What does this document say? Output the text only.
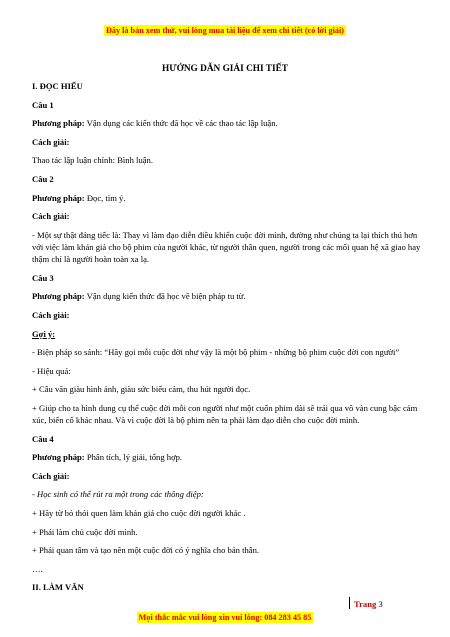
Đây là bản xem thử, vui lòng mua tài liệu để xem chi tiết (có lời giải)
HƯỚNG DẪN GIẢI CHI TIẾT

I. ĐỌC HIỂU

Câu 1

Phương pháp: Vận dụng các kiến thức đã học về các thao tác lập luận.

Cách giải:

Thao tác lập luận chính: Bình luận.

Câu 2

Phương pháp: Đọc, tìm ý.

Cách giải:

- Một sự thật đáng tiếc là: Thay vì làm đạo diễn điều khiển cuộc đời mình, đường như chúng ta lại thích thú hơn với việc làm khán giả cho bộ phim của người khác, từ người thân quen, người trong các mối quan hệ xã giao hay thậm chí là người hoàn toàn xa lạ.

Câu 3

Phương pháp: Vận dụng kiến thức đã học về biện pháp tu từ.

Cách giải:

Gợi ý:

- Biện pháp so sánh: “Hãy gọi mỗi cuộc đời như vậy là một bộ phim - những bộ phim cuộc đời con người”

- Hiệu quả:

+ Câu văn giàu hình ảnh, giàu sức biểu cảm, thu hút người đọc.

+ Giúp cho ta hình dung cụ thể cuộc đời mỗi con người như một cuốn phim dài sẽ trải qua vô vàn cung bậc cảm xúc, biến cố khác nhau. Và vì cuộc đời là bộ phim nên ta phải làm đạo diễn cho cuộc đời mình.

Câu 4

Phương pháp: Phân tích, lý giải, tổng hợp.

Cách giải:

- Học sinh có thể rút ra một trong các thông điệp:

+ Hãy từ bỏ thói quen làm khán giả cho cuộc đời người khác .

+ Phải làm chủ cuộc đời mình.

+ Phải quan tâm và tạo nên một cuộc đời có ý nghĩa cho bản thân.

….

II. LÀM VĂN

Trang 3
Mọi thắc mắc vui lòng xin vui lòng: 084 283 45 85
